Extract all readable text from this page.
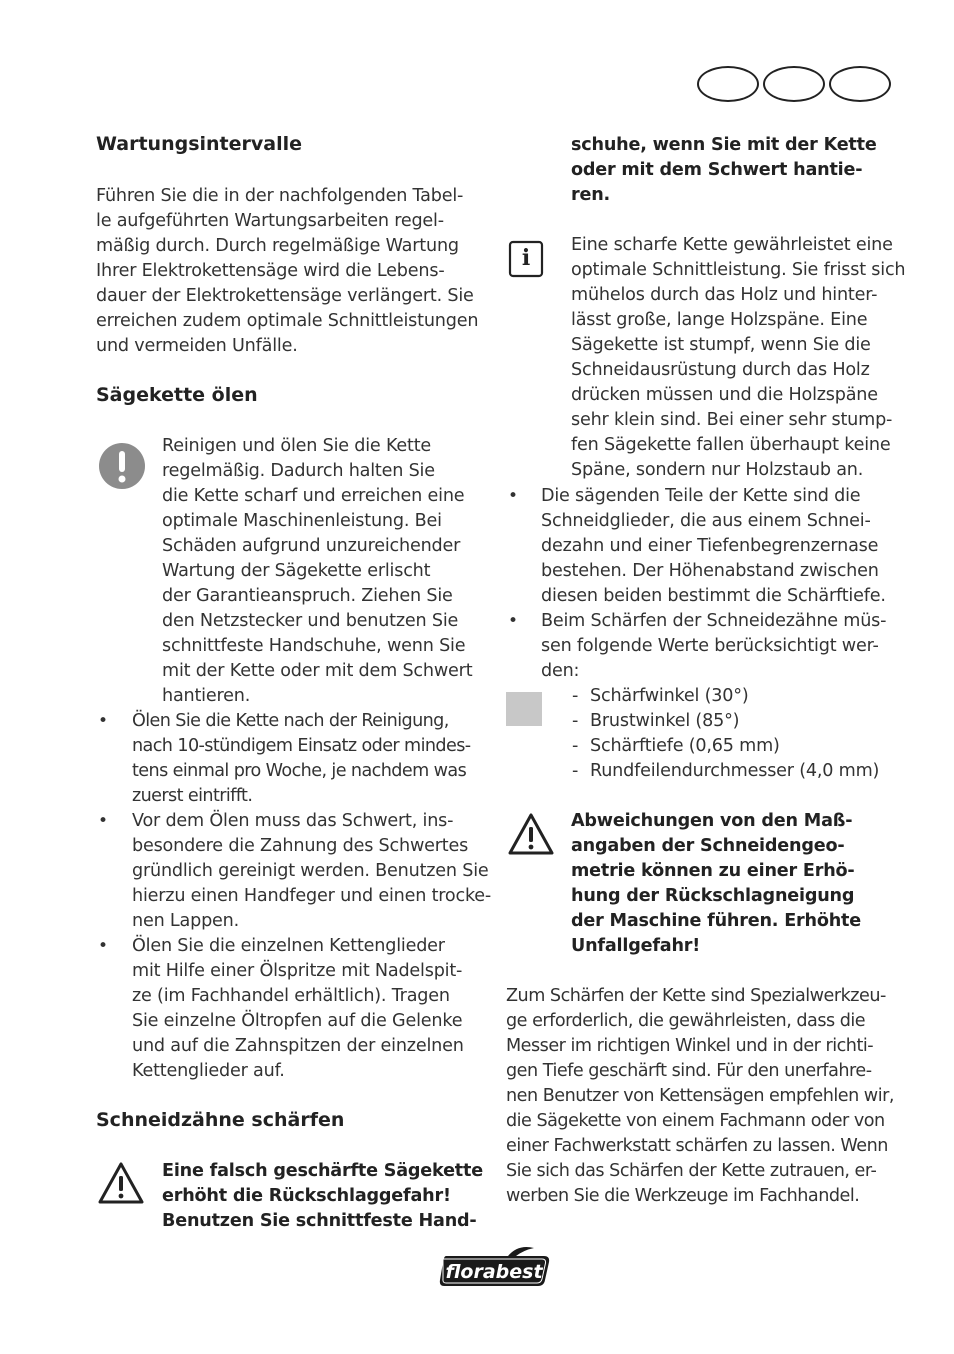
Wartungsintervalle
Führen Sie die in der nachfolgenden Tabel-
le aufgeführten Wartungsarbeiten regel-
mäßig durch. Durch regelmäßige Wartung
Ihrer Elektrokettensäge wird die Lebens-
dauer der Elektrokettensäge verlängert. Sie
erreichen zudem optimale Schnittleistungen
und vermeiden Unfälle.
Sägekette ölen
Reinigen und ölen Sie die Kette
regelmäßig. Dadurch halten Sie
die Kette scharf und erreichen eine
optimale Maschinenleistung. Bei
Schäden aufgrund unzureichender
Wartung der Sägekette erlischt
der Garantieanspruch. Ziehen Sie
den Netzstecker und benutzen Sie
schnittfeste Handschuhe, wenn Sie
mit der Kette oder mit dem Schwert
hantieren.
• Ölen Sie die Kette nach der Reinigung,
nach 10-stündigem Einsatz oder mindes-
tens einmal pro Woche, je nachdem was
zuerst eintrifft.
• Vor dem Ölen muss das Schwert, ins-
besondere die Zahnung des Schwertes
gründlich gereinigt werden. Benutzen Sie
hierzu einen Handfeger und einen trocke-
nen Lappen.
• Ölen Sie die einzelnen Kettenglieder
mit Hilfe einer Ölspritze mit Nadelspit-
ze (im Fachhandel erhältlich). Tragen
Sie einzelne Öltropfen auf die Gelenke
und auf die Zahnspitzen der einzelnen
Kettenglieder auf.
Schneidzähne schärfen
Eine falsch geschärfte Sägekette
erhöht die Rückschlaggefahr!
Benutzen Sie schnittfeste Hand-
schuhe, wenn Sie mit der Kette
oder mit dem Schwert hantie-
ren.
i	Eine scharfe Kette gewährleistet eine
optimale Schnittleistung. Sie frisst sich
mühelos durch das Holz und hinter-
lässt große, lange Holzspäne. Eine
Sägekette ist stumpf, wenn Sie die
Schneidausrüstung durch das Holz
drücken müssen und die Holzspäne
sehr klein sind. Bei einer sehr stump-
fen Sägekette fallen überhaupt keine
Späne, sondern nur Holzstaub an.
• Die sägenden Teile der Kette sind die
Schneidglieder, die aus einem Schnei-
dezahn und einer Tiefenbegrenzernase
bestehen. Der Höhenabstand zwischen
diesen beiden bestimmt die Schärftiefe.
• Beim Schärfen der Schneidezähne müs-
sen folgende Werte berücksichtigt wer-
den:
-
-
-
-
Schärfwinkel (30°)
Brustwinkel (85°)
Schärftiefe (0,65 mm)
Rundfeilendurchmesser (4,0 mm)
Abweichungen von den Maß-
angaben der Schneidengeo-
metrie können zu einer Erhö-
hung der Rückschlagneigung
der Maschine führen. Erhöhte
Unfallgefahr!
Zum Schärfen der Kette sind Spezialwerkzeu-
ge erforderlich, die gewährleisten, dass die
Messer im richtigen Winkel und in der richti-
gen Tiefe geschärft sind. Für den unerfahre-
nen Benutzer von Kettensägen empfehlen wir,
die Sägekette von einem Fachmann oder von
einer Fachwerkstatt schärfen zu lassen. Wenn
Sie sich das Schärfen der Kette zutrauen, er-
werben Sie die Werkzeuge im Fachhandel.
florabest
